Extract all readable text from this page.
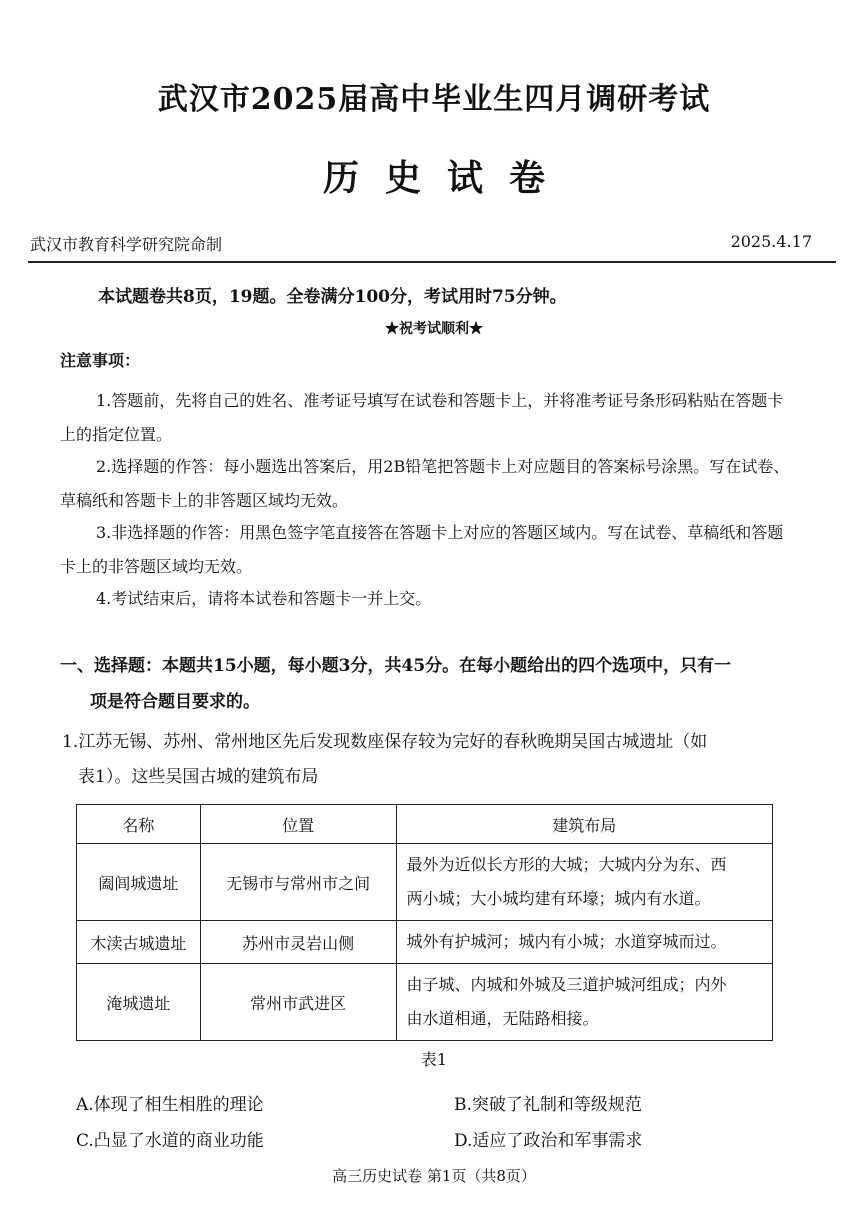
武汉市2025届高中毕业生四月调研考试
历史试卷
武汉市教育科学研究院命制	2025.4.17
本试题卷共8页，19题。全卷满分100分，考试用时75分钟。
★祝考试顺利★
注意事项：
1.答题前，先将自己的姓名、准考证号填写在试卷和答题卡上，并将准考证号条形码粘贴在答题卡上的指定位置。
2.选择题的作答：每小题选出答案后，用2B铅笔把答题卡上对应题目的答案标号涂黑。写在试卷、草稿纸和答题卡上的非答题区域均无效。
3.非选择题的作答：用黑色签字笔直接答在答题卡上对应的答题区域内。写在试卷、草稿纸和答题卡上的非答题区域均无效。
4.考试结束后，请将本试卷和答题卡一并上交。
一、选择题：本题共15小题，每小题3分，共45分。在每小题给出的四个选项中，只有一
项是符合题目要求的。
1.江苏无锡、苏州、常州地区先后发现数座保存较为完好的春秋晚期吴国古城遗址（如
表1）。这些吴国古城的建筑布局
名称	位置	建筑布局
阖闾城遗址	无锡市与常州市之间	最外为近似长方形的大城；大城内分为东、西
两小城；大小城均建有环壕；城内有水道。

木渎古城遗址	苏州市灵岩山侧	城外有护城河；城内有小城；水道穿城而过。

淹城遗址	常州市武进区	由子城、内城和外城及三道护城河组成；内外
由水道相通，无陆路相接。
表1
A.体现了相生相胜的理论	B.突破了礼制和等级规范
C.凸显了水道的商业功能	D.适应了政治和军事需求
高三历史试卷 第1页（共8页）
